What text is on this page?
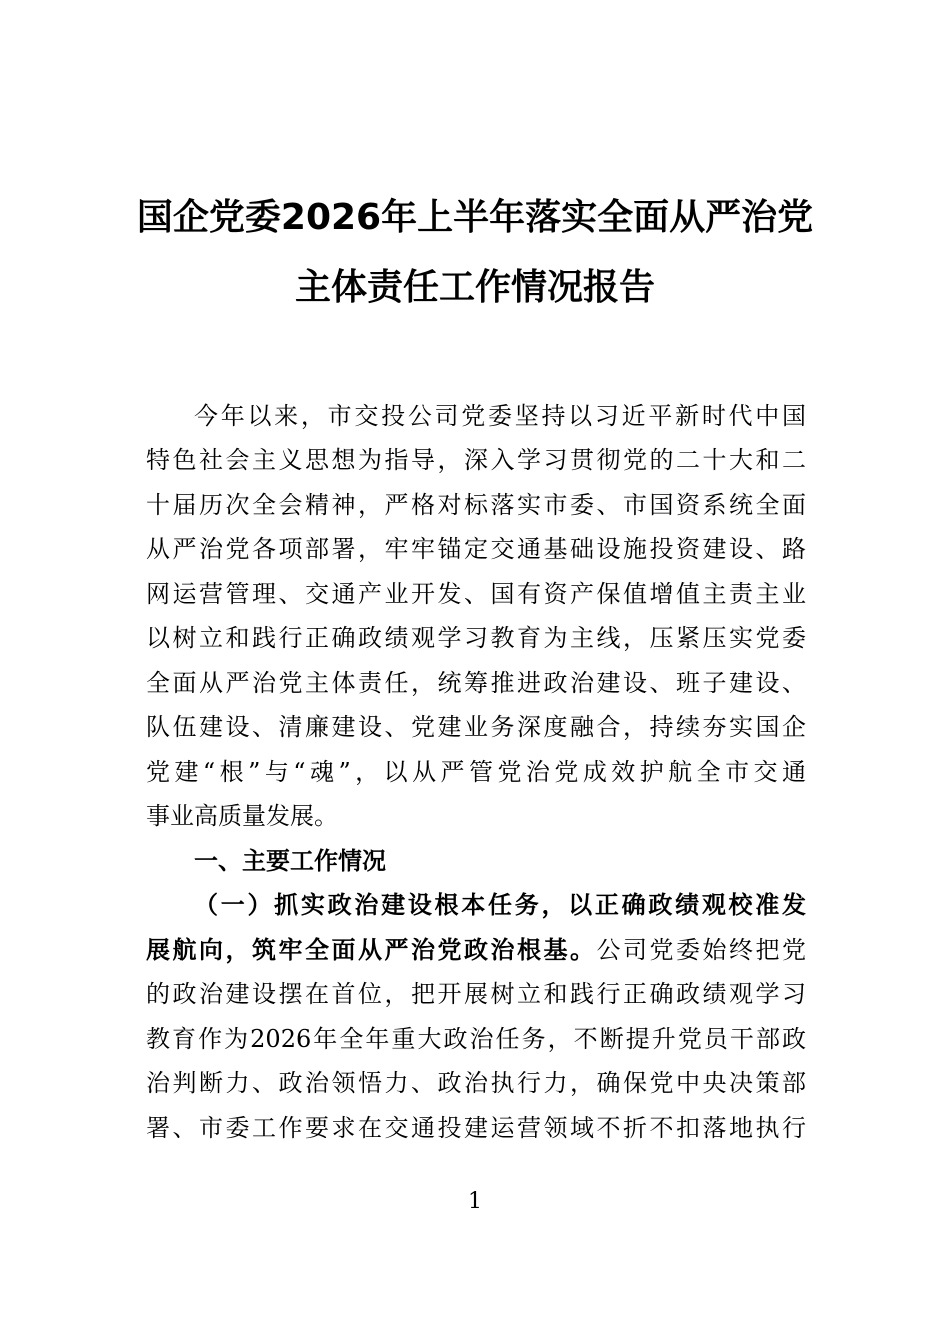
国企党委2026年上半年落实全面从严治党
主体责任工作情况报告
今年以来，市交投公司党委坚持以习近平新时代中国
特色社会主义思想为指导，深入学习贯彻党的二十大和二
十届历次全会精神，严格对标落实市委、市国资系统全面
从严治党各项部署，牢牢锚定交通基础设施投资建设、路
网运营管理、交通产业开发、国有资产保值增值主责主业
以树立和践行正确政绩观学习教育为主线，压紧压实党委
全面从严治党主体责任，统筹推进政治建设、班子建设、
队伍建设、清廉建设、党建业务深度融合，持续夯实国企
党建“根”与“魂”，以从严管党治党成效护航全市交通
事业高质量发展。
一、主要工作情况
（一）抓实政治建设根本任务，以正确政绩观校准发
展航向，筑牢全面从严治党政治根基。公司党委始终把党
的政治建设摆在首位，把开展树立和践行正确政绩观学习
教育作为2026年全年重大政治任务，不断提升党员干部政
治判断力、政治领悟力、政治执行力，确保党中央决策部
署、市委工作要求在交通投建运营领域不折不扣落地执行
1
